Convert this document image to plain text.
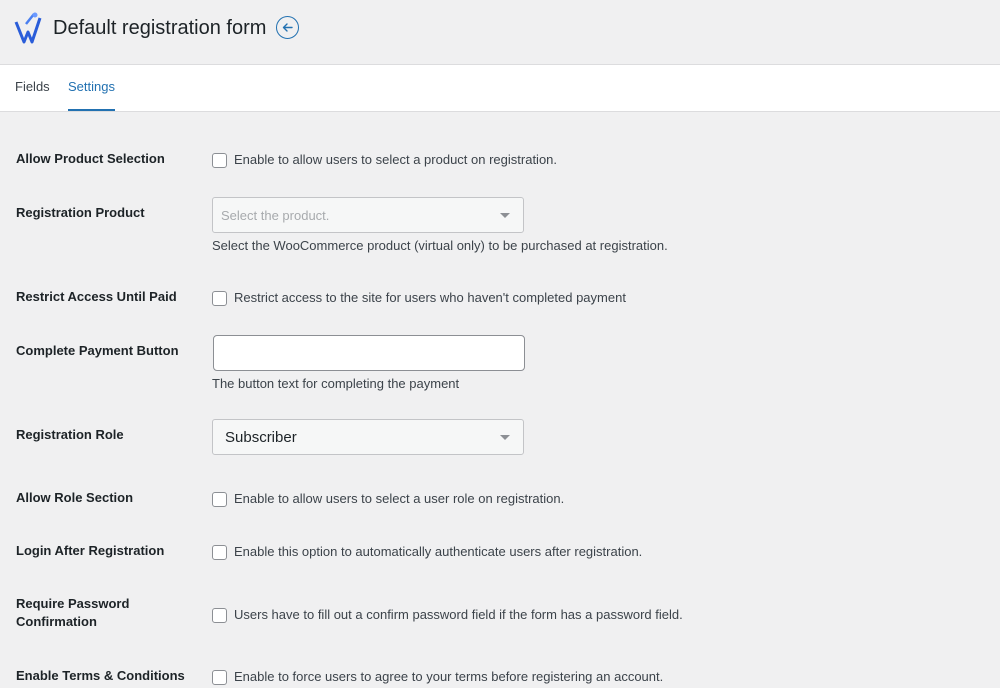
Default registration form
Fields Settings
Allow Product Selection	Enable to allow users to select a product on registration.
Registration Product	Select the product.
Select the WooCommerce product (virtual only) to be purchased at registration.
Restrict Access Until Paid	Restrict access to the site for users who haven't completed payment
Complete Payment Button
The button text for completing the payment
Registration Role	Subscriber
Allow Role Section	Enable to allow users to select a user role on registration.
Login After Registration	Enable this option to automatically authenticate users after registration.
Require Password
Confirmation	Users have to fill out a confirm password field if the form has a password field.
Enable Terms & Conditions	Enable to force users to agree to your terms before registering an account.
